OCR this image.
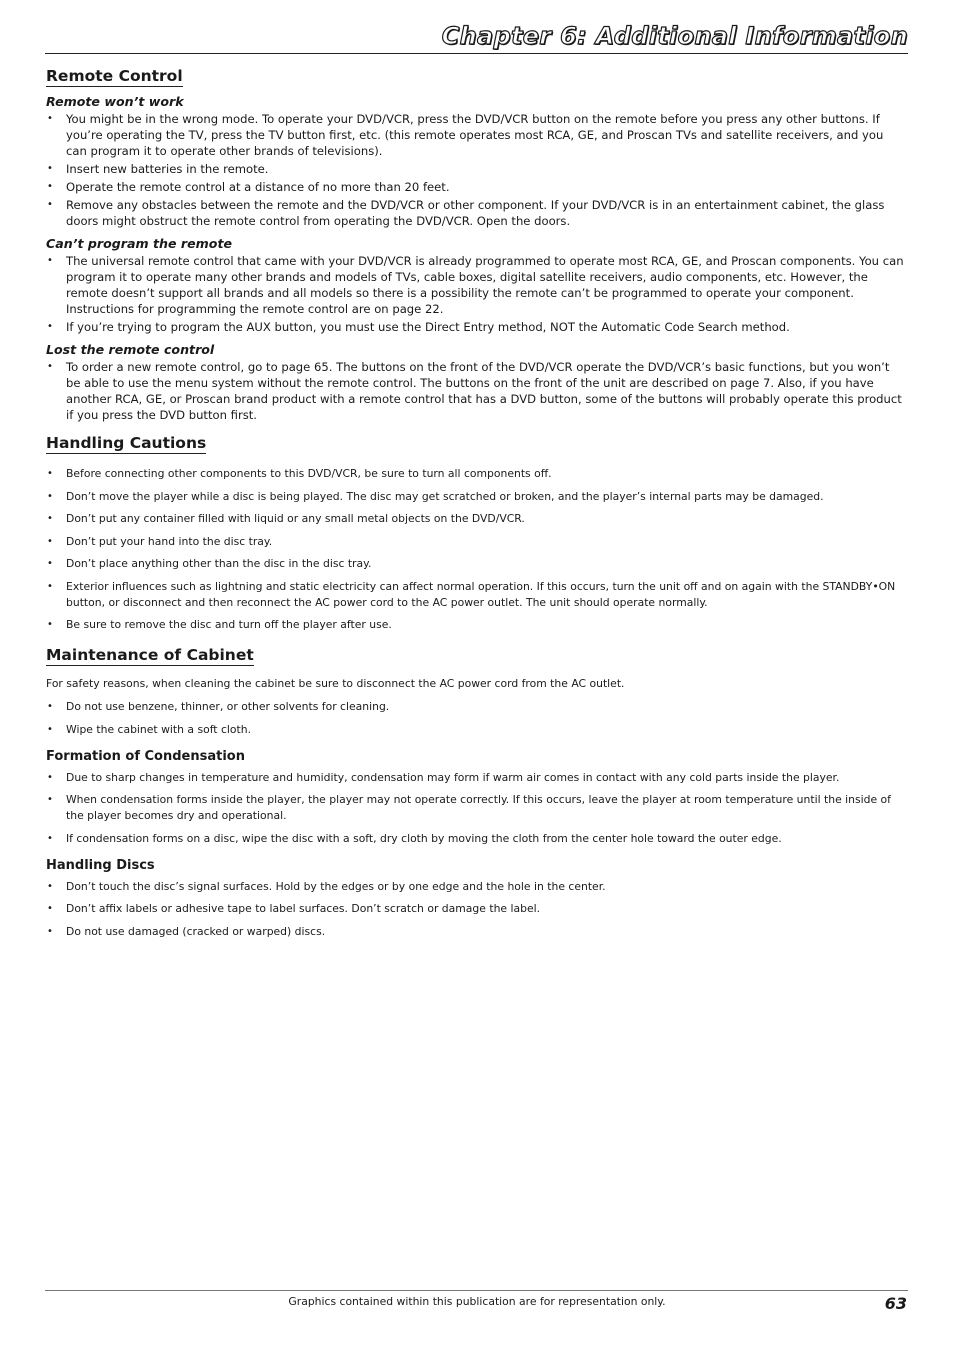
Chapter 6: Additional Information
Remote Control
Remote won’t work
• You might be in the wrong mode. To operate your DVD/VCR, press the DVD/VCR button on the remote before you press any other buttons. If you’re operating the TV, press the TV button first, etc. (this remote operates most RCA, GE, and Proscan TVs and satellite receivers, and you can program it to operate other brands of televisions).
• Insert new batteries in the remote.
• Operate the remote control at a distance of no more than 20 feet.
• Remove any obstacles between the remote and the DVD/VCR or other component. If your DVD/VCR is in an entertainment cabinet, the glass doors might obstruct the remote control from operating the DVD/VCR. Open the doors.
Can’t program the remote
• The universal remote control that came with your DVD/VCR is already programmed to operate most RCA, GE, and Proscan components. You can program it to operate many other brands and models of TVs, cable boxes, digital satellite receivers, audio components, etc. However, the remote doesn’t support all brands and all models so there is a possibility the remote can’t be programmed to operate your component. Instructions for programming the remote control are on page 22.
• If you’re trying to program the AUX button, you must use the Direct Entry method, NOT the Automatic Code Search method.
Lost the remote control
• To order a new remote control, go to page 65. The buttons on the front of the DVD/VCR operate the DVD/VCR’s basic functions, but you won’t be able to use the menu system without the remote control. The buttons on the front of the unit are described on page 7. Also, if you have another RCA, GE, or Proscan brand product with a remote control that has a DVD button, some of the buttons will probably operate this product if you press the DVD button first.
Handling Cautions
• Before connecting other components to this DVD/VCR, be sure to turn all components off.
• Don’t move the player while a disc is being played. The disc may get scratched or broken, and the player’s internal parts may be damaged.
• Don’t put any container filled with liquid or any small metal objects on the DVD/VCR.
• Don’t put your hand into the disc tray.
• Don’t place anything other than the disc in the disc tray.
• Exterior influences such as lightning and static electricity can affect normal operation. If this occurs, turn the unit off and on again with the STANDBY•ON button, or disconnect and then reconnect the AC power cord to the AC power outlet. The unit should operate normally.
• Be sure to remove the disc and turn off the player after use.
Maintenance of Cabinet
For safety reasons, when cleaning the cabinet be sure to disconnect the AC power cord from the AC outlet.
• Do not use benzene, thinner, or other solvents for cleaning.
• Wipe the cabinet with a soft cloth.
Formation of Condensation
• Due to sharp changes in temperature and humidity, condensation may form if warm air comes in contact with any cold parts inside the player.
• When condensation forms inside the player, the player may not operate correctly. If this occurs, leave the player at room temperature until the inside of the player becomes dry and operational.
• If condensation forms on a disc, wipe the disc with a soft, dry cloth by moving the cloth from the center hole toward the outer edge.
Handling Discs
• Don’t touch the disc’s signal surfaces. Hold by the edges or by one edge and the hole in the center.
• Don’t affix labels or adhesive tape to label surfaces. Don’t scratch or damage the label.
• Do not use damaged (cracked or warped) discs.
Graphics contained within this publication are for representation only.	63
